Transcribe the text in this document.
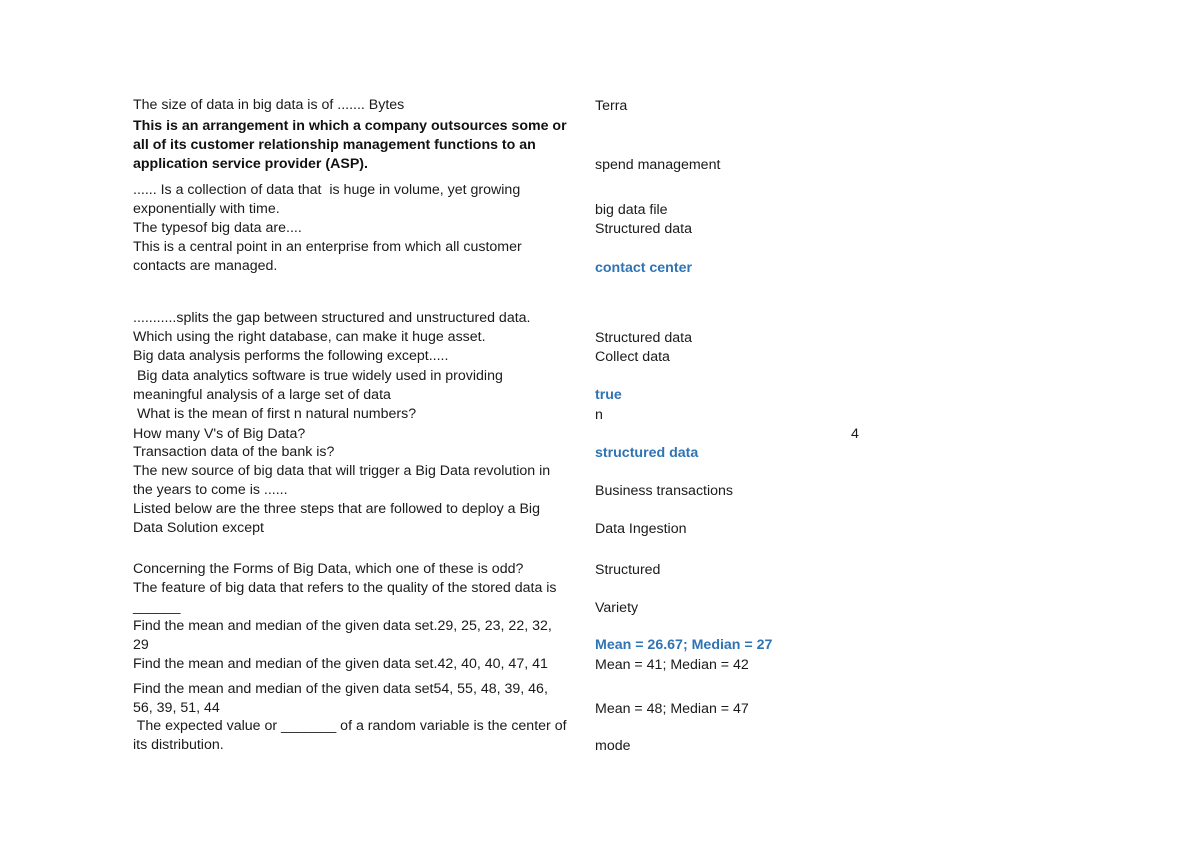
The size of data in big data is of ....... Bytes	Terra
This is an arrangement in which a company outsources some or
all of its customer relationship management functions to an
application service provider (ASP).	spend management
...... Is a collection of data that  is huge in volume, yet growing
exponentially with time.	big data file
The typesof big data are....	Structured data
This is a central point in an enterprise from which all customer
contacts are managed.	contact center
...........splits the gap between structured and unstructured data.
Which using the right database, can make it huge asset.	Structured data
Big data analysis performs the following except.....	Collect data
Big data analytics software is true widely used in providing
meaningful analysis of a large set of data	true
What is the mean of first n natural numbers?	n
How many V's of Big Data?	4
Transaction data of the bank is?	structured data
The new source of big data that will trigger a Big Data revolution in
the years to come is ......	Business transactions
Listed below are the three steps that are followed to deploy a Big
Data Solution except	Data Ingestion
Concerning the Forms of Big Data, which one of these is odd?	Structured
The feature of big data that refers to the quality of the stored data is
______	Variety
Find the mean and median of the given data set.29, 25, 23, 22, 32,
29	Mean = 26.67; Median = 27
Find the mean and median of the given data set.42, 40, 40, 47, 41	Mean = 41; Median = 42
Find the mean and median of the given data set54, 55, 48, 39, 46,
56, 39, 51, 44	Mean = 48; Median = 47
The expected value or _______ of a random variable is the center of
its distribution.	mode
